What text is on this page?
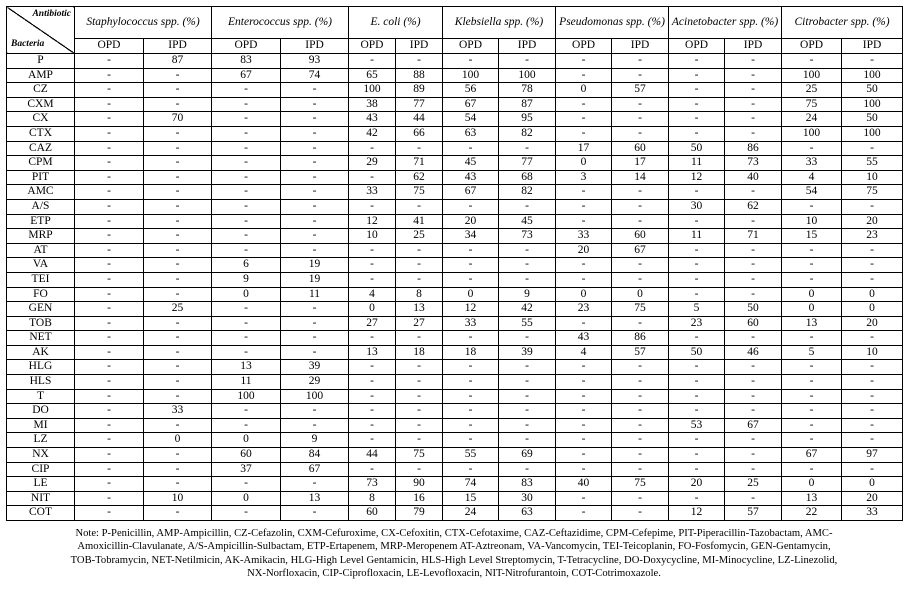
Antibiotic
Bacteria	Staphylococcus spp. (%)		Enterococcus spp. (%)		E. coli (%)		Klebsiella spp. (%)		Pseudomonas spp. (%)		Acinetobacter spp. (%)		Citrobacter spp. (%)	
	OPD	IPD	OPD	IPD	OPD	IPD	OPD	IPD	OPD	IPD	OPD	IPD	OPD	IPD
P	-	87	83	93	-	-	-	-	-	-	-	-	-	-
AMP	-	-	67	74	65	88	100	100	-	-	-	-	100	100
CZ	-	-	-	-	100	89	56	78	0	57	-	-	25	50
CXM	-	-	-	-	38	77	67	87	-	-	-	-	75	100
CX	-	70	-	-	43	44	54	95	-	-	-	-	24	50
CTX	-	-	-	-	42	66	63	82	-	-	-	-	100	100
CAZ	-	-	-	-	-	-	-	-	17	60	50	86	-	-
CPM	-	-	-	-	29	71	45	77	0	17	11	73	33	55
PIT	-	-	-	-	-	62	43	68	3	14	12	40	4	10
AMC	-	-	-	-	33	75	67	82	-	-	-	-	54	75
A/S	-	-	-	-	-	-	-	-	-	-	30	62	-	-
ETP	-	-	-	-	12	41	20	45	-	-	-	-	10	20
MRP	-	-	-	-	10	25	34	73	33	60	11	71	15	23
AT	-	-	-	-	-	-	-	-	20	67	-	-	-	-
VA	-	-	6	19	-	-	-	-	-	-	-	-	-	-
TEI	-	-	9	19	-	-	-	-	-	-	-	-	-	-
FO	-	-	0	11	4	8	0	9	0	0	-	-	0	0
GEN	-	25	-	-	0	13	12	42	23	75	5	50	0	0
TOB	-	-	-	-	27	27	33	55	-	-	23	60	13	20
NET	-	-	-	-	-	-	-	-	43	86	-	-	-	-
AK	-	-	-	-	13	18	18	39	4	57	50	46	5	10
HLG	-	-	13	39	-	-	-	-	-	-	-	-	-	-
HLS	-	-	11	29	-	-	-	-	-	-	-	-	-	-
T	-	-	100	100	-	-	-	-	-	-	-	-	-	-
DO	-	33	-	-	-	-	-	-	-	-	-	-	-	-
MI	-	-	-	-	-	-	-	-	-	-	53	67	-	-
LZ	-	0	0	9	-	-	-	-	-	-	-	-	-	-
NX	-	-	60	84	44	75	55	69	-	-	-	-	67	97
CIP	-	-	37	67	-	-	-	-	-	-	-	-	-	-
LE	-	-	-	-	73	90	74	83	40	75	20	25	0	0
NIT	-	10	0	13	8	16	15	30	-	-	-	-	13	20
COT	-	-	-	-	60	79	24	63	-	-	12	57	22	33
Note: P-Penicillin, AMP-Ampicillin, CZ-Cefazolin, CXM-Cefuroxime, CX-Cefoxitin, CTX-Cefotaxime, CAZ-Ceftazidime, CPM-Cefepime, PIT-Piperacillin-Tazobactam, AMC-
Amoxicillin-Clavulanate, A/S-Ampicillin-Sulbactam, ETP-Ertapenem, MRP-Meropenem AT-Aztreonam, VA-Vancomycin, TEI-Teicoplanin, FO-Fosfomycin, GEN-Gentamycin,
TOB-Tobramycin, NET-Netilmicin, AK-Amikacin, HLG-High Level Gentamicin, HLS-High Level Streptomycin, T-Tetracycline, DO-Doxycycline, MI-Minocycline, LZ-Linezolid,
NX-Norfloxacin, CIP-Ciprofloxacin, LE-Levofloxacin, NIT-Nitrofurantoin, COT-Cotrimoxazole.
